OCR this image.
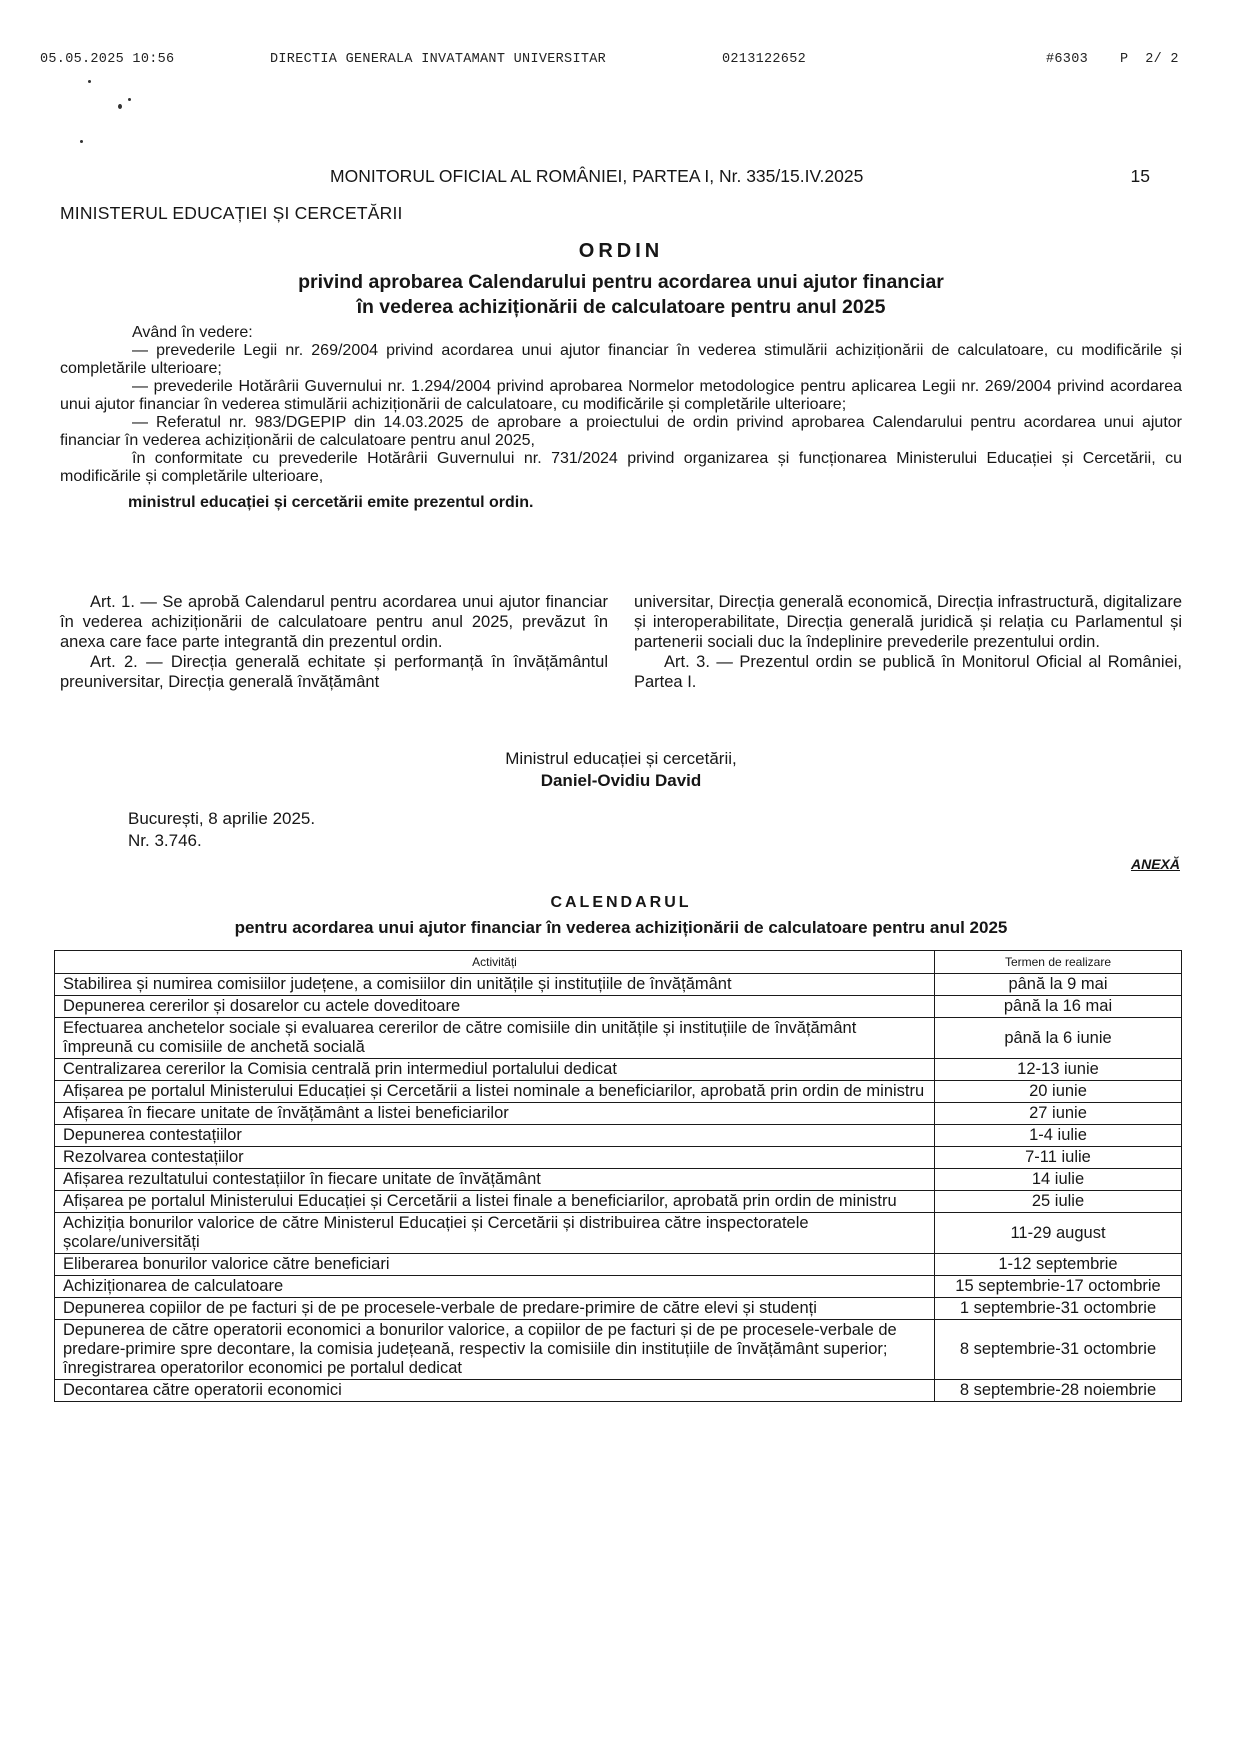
05.05.2025 10:56	DIRECTIA GENERALA INVATAMANT UNIVERSITAR	0213122652	#6303 P  2/ 2
MONITORUL OFICIAL AL ROMÂNIEI, PARTEA I, Nr. 335/15.IV.2025	15
MINISTERUL EDUCAȚIEI ȘI CERCETĂRII
ORDIN
privind aprobarea Calendarului pentru acordarea unui ajutor financiar
în vederea achiziționării de calculatoare pentru anul 2025

Având în vedere:

— prevederile Legii nr. 269/2004 privind acordarea unui ajutor financiar în vederea stimulării achiziționării de calculatoare, cu modificările și completările ulterioare;

— prevederile Hotărârii Guvernului nr. 1.294/2004 privind aprobarea Normelor metodologice pentru aplicarea Legii nr. 269/2004 privind acordarea unui ajutor financiar în vederea stimulării achiziționării de calculatoare, cu modificările și completările ulterioare;

— Referatul nr. 983/DGEPIP din 14.03.2025 de aprobare a proiectului de ordin privind aprobarea Calendarului pentru acordarea unui ajutor financiar în vederea achiziționării de calculatoare pentru anul 2025,

în conformitate cu prevederile Hotărârii Guvernului nr. 731/2024 privind organizarea și funcționarea Ministerului Educației și Cercetării, cu modificările și completările ulterioare,

ministrul educației și cercetării emite prezentul ordin.

Art. 1. — Se aprobă Calendarul pentru acordarea unui ajutor financiar în vederea achiziționării de calculatoare pentru anul 2025, prevăzut în anexa care face parte integrantă din prezentul ordin.

Art. 2. — Direcția generală echitate și performanță în învățământul preuniversitar, Direcția generală învățământ

universitar, Direcția generală economică, Direcția infrastructură, digitalizare și interoperabilitate, Direcția generală juridică și relația cu Parlamentul și partenerii sociali duc la îndeplinire prevederile prezentului ordin.

Art. 3. — Prezentul ordin se publică în Monitorul Oficial al României, Partea I.

Ministrul educației și cercetării,
Daniel-Ovidiu David
București, 8 aprilie 2025.
Nr. 3.746.
ANEXĂ
CALENDARUL
pentru acordarea unui ajutor financiar în vederea achiziționării de calculatoare pentru anul 2025
Activități	Termen de realizare
Stabilirea și numirea comisiilor județene, a comisiilor din unitățile și instituțiile de învățământ	până la 9 mai
Depunerea cererilor și dosarelor cu actele doveditoare	până la 16 mai
Efectuarea anchetelor sociale și evaluarea cererilor de către comisiile din unitățile și instituțiile de învățământ împreună cu comisiile de anchetă socială	până la 6 iunie
Centralizarea cererilor la Comisia centrală prin intermediul portalului dedicat	12-13 iunie
Afișarea pe portalul Ministerului Educației și Cercetării a listei nominale a beneficiarilor, aprobată prin ordin de ministru	20 iunie
Afișarea în fiecare unitate de învățământ a listei beneficiarilor	27 iunie
Depunerea contestațiilor	1-4 iulie
Rezolvarea contestațiilor	7-11 iulie
Afișarea rezultatului contestațiilor în fiecare unitate de învățământ	14 iulie
Afișarea pe portalul Ministerului Educației și Cercetării a listei finale a beneficiarilor, aprobată prin ordin de ministru	25 iulie
Achiziția bonurilor valorice de către Ministerul Educației și Cercetării și distribuirea către inspectoratele școlare/universități	11-29 august
Eliberarea bonurilor valorice către beneficiari	1-12 septembrie
Achiziționarea de calculatoare	15 septembrie-17 octombrie
Depunerea copiilor de pe facturi și de pe procesele-verbale de predare-primire de către elevi și studenți	1 septembrie-31 octombrie
Depunerea de către operatorii economici a bonurilor valorice, a copiilor de pe facturi și de pe procesele-verbale de predare-primire spre decontare, la comisia județeană, respectiv la comisiile din instituțiile de învățământ superior; înregistrarea operatorilor economici pe portalul dedicat	8 septembrie-31 octombrie
Decontarea către operatorii economici	8 septembrie-28 noiembrie
